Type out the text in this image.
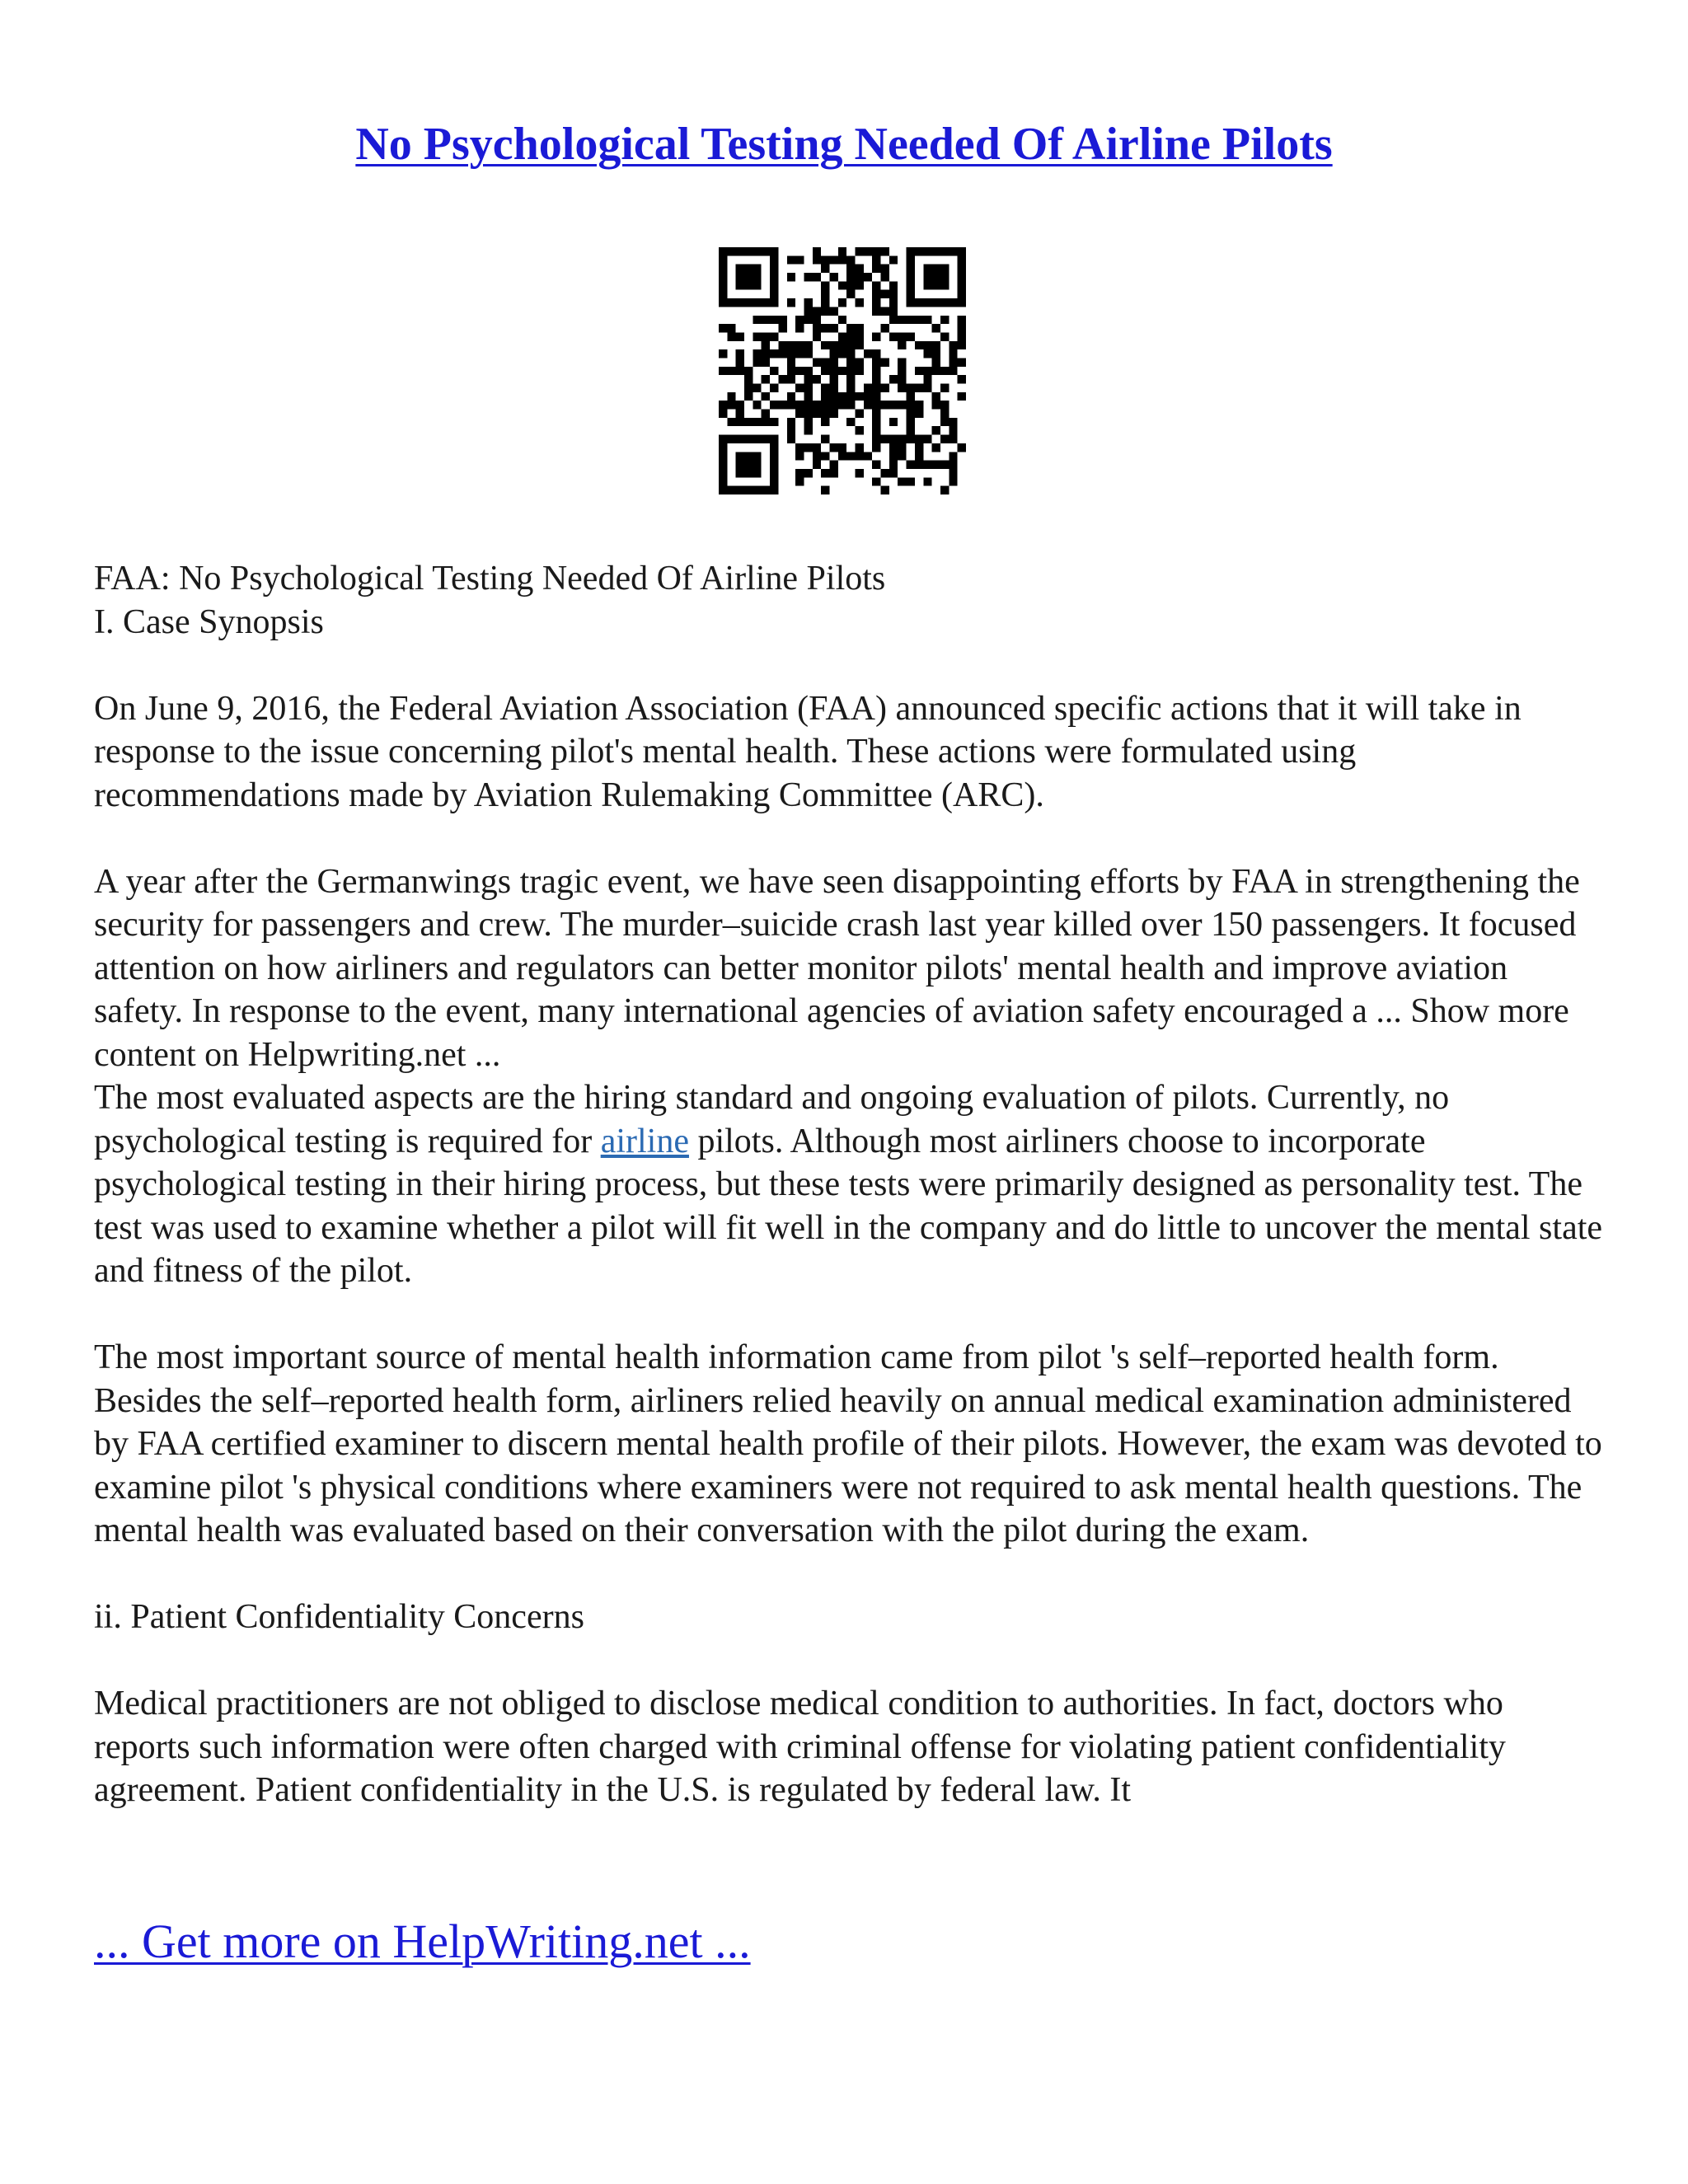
No Psychological Testing Needed Of Airline Pilots

FAA: No Psychological Testing Needed Of Airline Pilots

I. Case Synopsis

On June 9, 2016, the Federal Aviation Association (FAA) announced specific actions that it will take in response to the issue concerning pilot's mental health. These actions were formulated using recommendations made by Aviation Rulemaking Committee (ARC).

A year after the Germanwings tragic event, we have seen disappointing efforts by FAA in strengthening the security for passengers and crew. The murder–suicide crash last year killed over 150 passengers. It focused attention on how airliners and regulators can better monitor pilots' mental health and improve aviation safety. In response to the event, many international agencies of aviation safety encouraged a ... Show more content on Helpwriting.net ...

The most evaluated aspects are the hiring standard and ongoing evaluation of pilots. Currently, no psychological testing is required for airline pilots. Although most airliners choose to incorporate psychological testing in their hiring process, but these tests were primarily designed as personality test. The test was used to examine whether a pilot will fit well in the company and do little to uncover the mental state and fitness of the pilot.

The most important source of mental health information came from pilot 's self–reported health form. Besides the self–reported health form, airliners relied heavily on annual medical examination administered by FAA certified examiner to discern mental health profile of their pilots. However, the exam was devoted to examine pilot 's physical conditions where examiners were not required to ask mental health questions. The mental health was evaluated based on their conversation with the pilot during the exam.

ii. Patient Confidentiality Concerns

Medical practitioners are not obliged to disclose medical condition to authorities. In fact, doctors who reports such information were often charged with criminal offense for violating patient confidentiality agreement. Patient confidentiality in the U.S. is regulated by federal law. It

... Get more on HelpWriting.net ...
